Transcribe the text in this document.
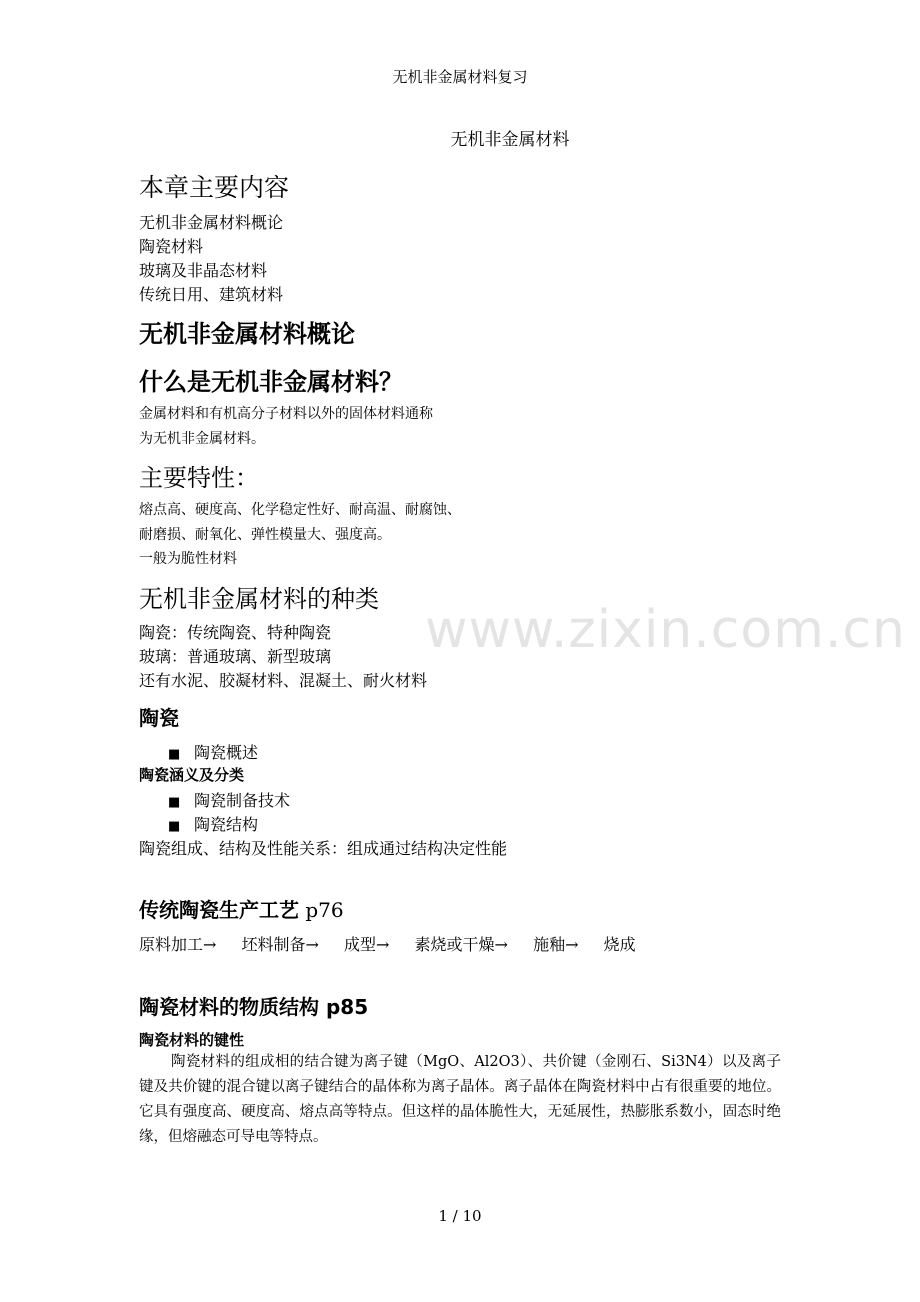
无机非金属材料复习
无机非金属材料
www.zixin.com.cn
本章主要内容
无机非金属材料概论
陶瓷材料
玻璃及非晶态材料
传统日用、建筑材料
无机非金属材料概论
什么是无机非金属材料？
金属材料和有机高分子材料以外的固体材料通称
为无机非金属材料。
主要特性：
熔点高、硬度高、化学稳定性好、耐高温、耐腐蚀、
耐磨损、耐氧化、弹性模量大、强度高。
一般为脆性材料
无机非金属材料的种类
陶瓷：传统陶瓷、特种陶瓷
玻璃：普通玻璃、新型玻璃
还有水泥、胶凝材料、混凝土、耐火材料
陶瓷
■ 陶瓷概述
陶瓷涵义及分类
■ 陶瓷制备技术
■ 陶瓷结构
陶瓷组成、结构及性能关系：组成通过结构决定性能
传统陶瓷生产工艺 p76
原料加工→ 坯料制备→ 成型→ 素烧或干燥→ 施釉→ 烧成
陶瓷材料的物质结构 p85
陶瓷材料的键性
陶瓷材料的组成相的结合键为离子键（MgO、Al2O3）、共价键（金刚石、Si3N4）以及离子键及共价键的混合键以离子键结合的晶体称为离子晶体。离子晶体在陶瓷材料中占有很重要的地位。它具有强度高、硬度高、熔点高等特点。但这样的晶体脆性大，无延展性，热膨胀系数小，固态时绝缘，但熔融态可导电等特点。
1 / 10
